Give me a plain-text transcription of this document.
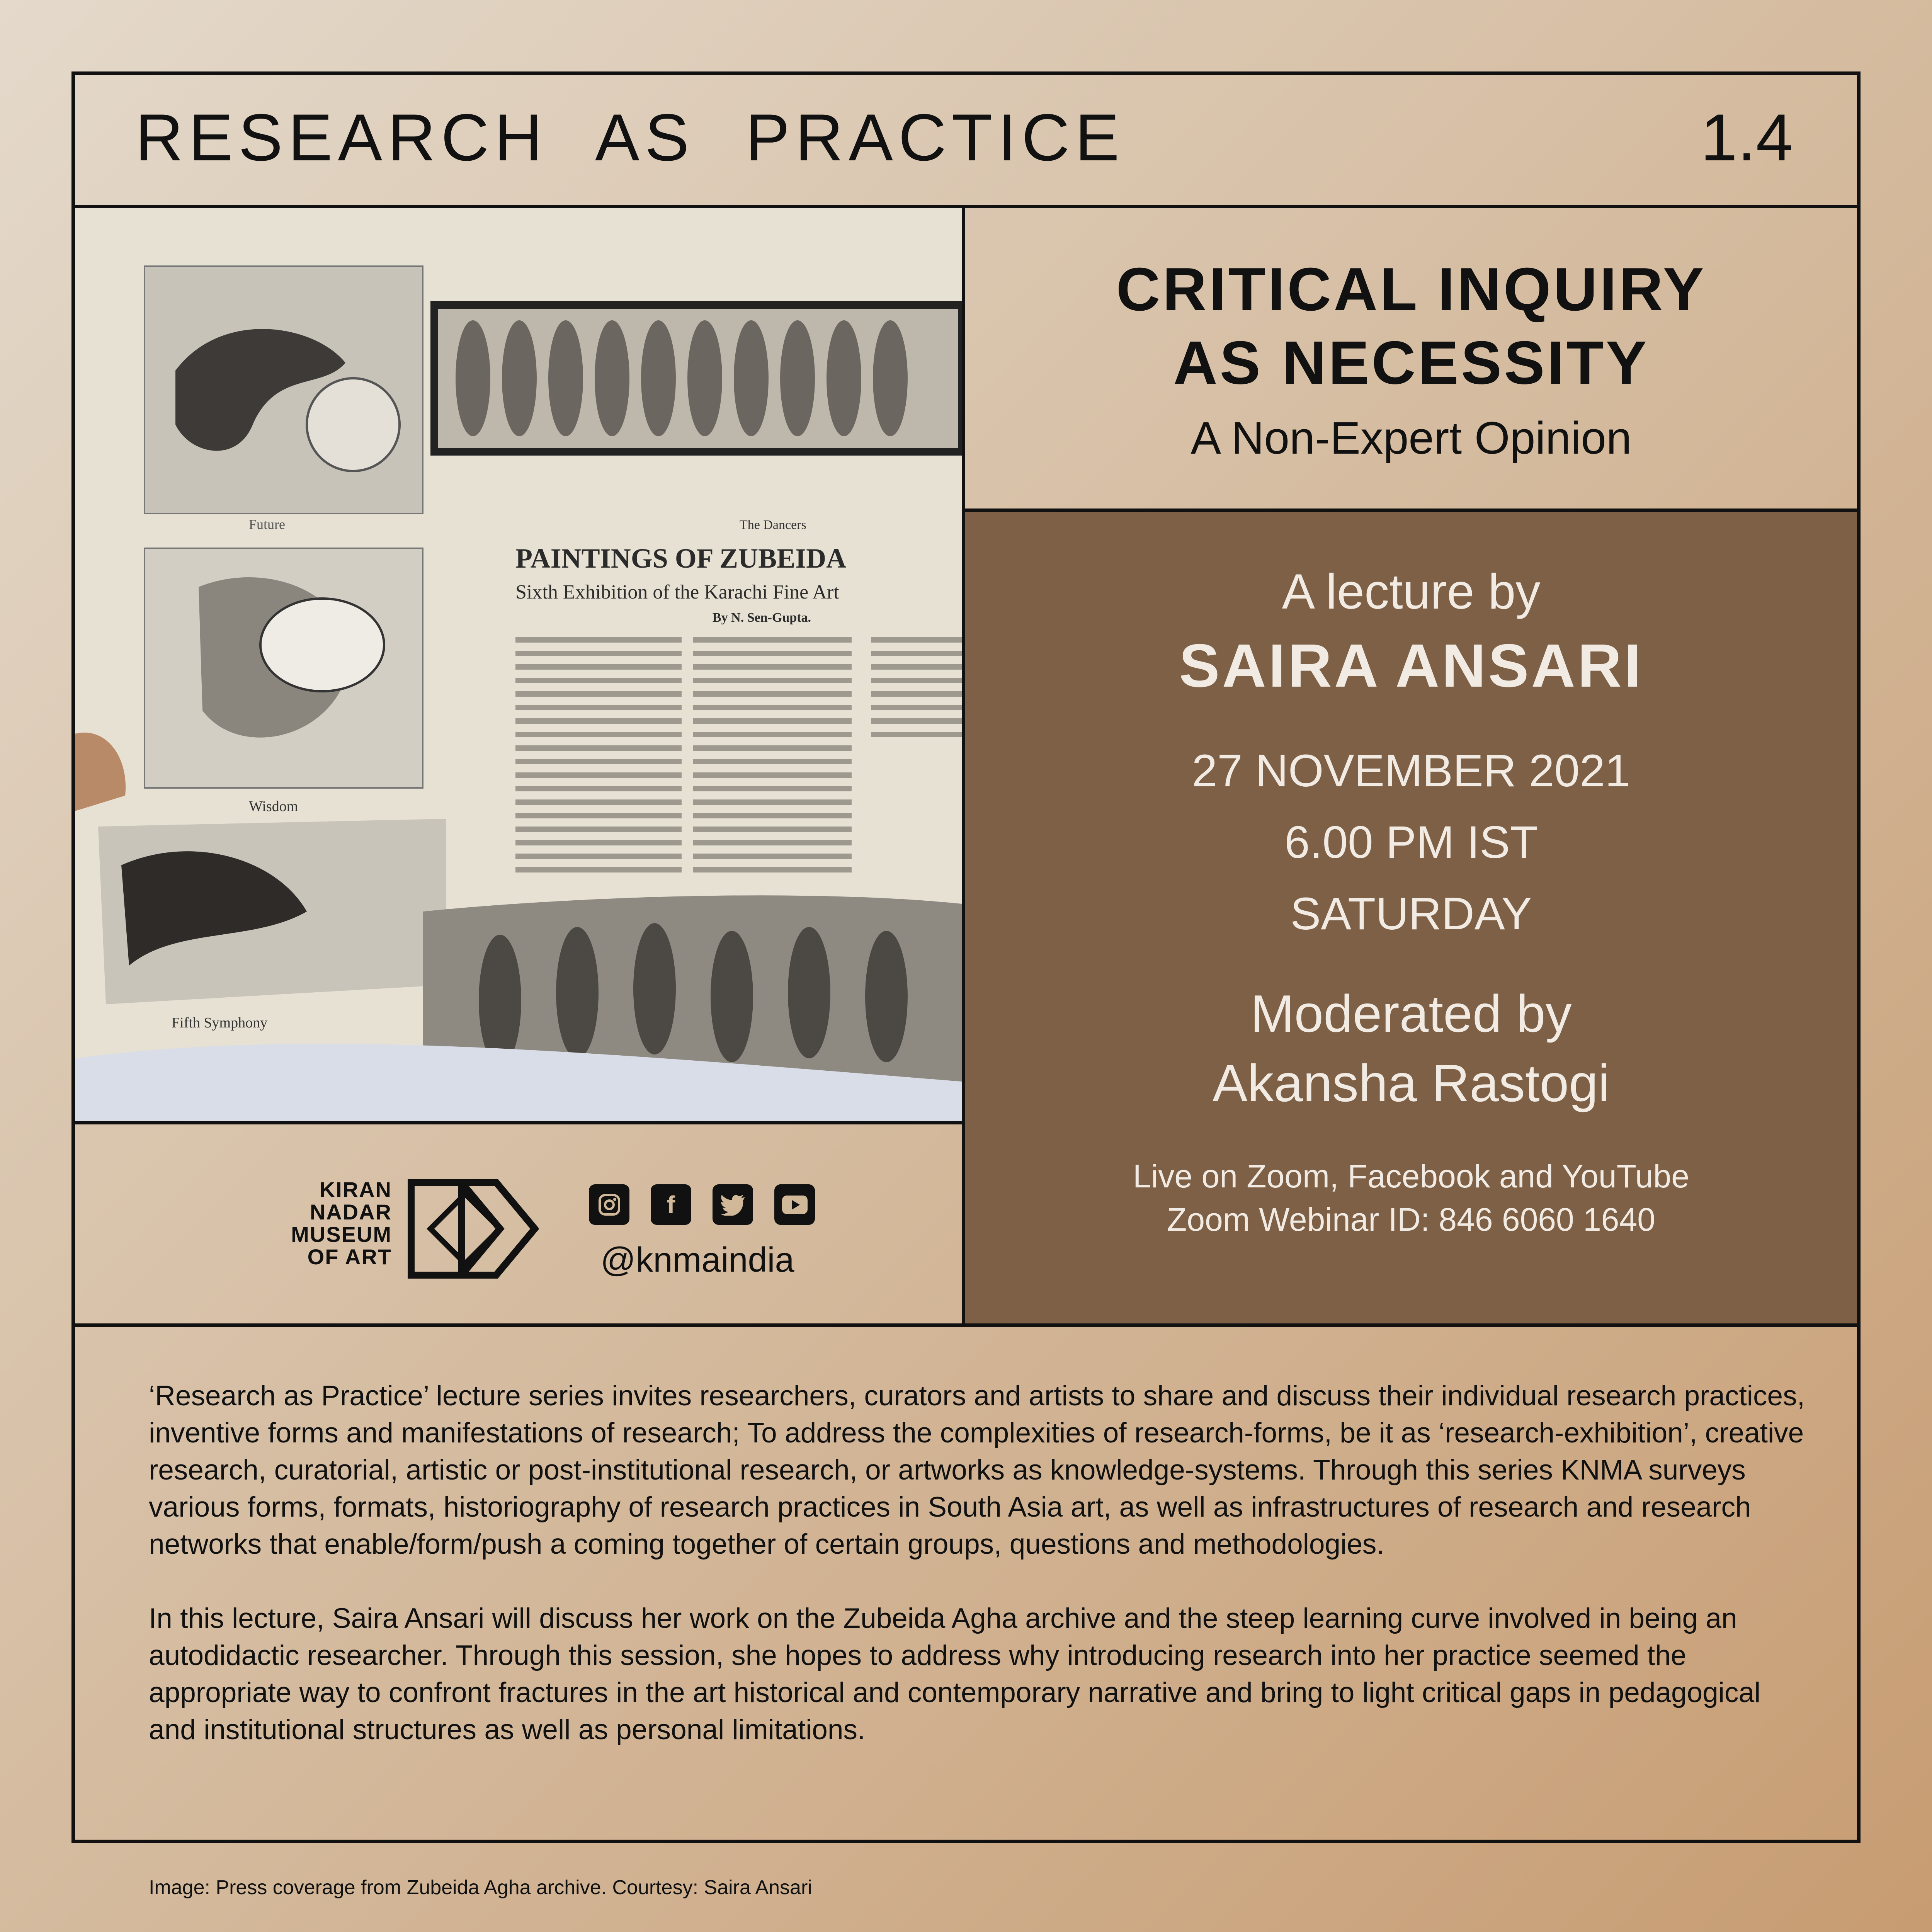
RESEARCH AS PRACTICE	1.4
Future	The Dancers
Wisdom
Fifth Symphony
PAINTINGS OF ZUBEIDA
Sixth Exhibition of the Karachi Fine Art
By N. Sen-Gupta.
CRITICAL INQUIRY
AS NECESSITY
A Non-Expert Opinion
A lecture by
SAIRA ANSARI
27 NOVEMBER 2021
6.00 PM IST
SATURDAY
Moderated by
Akansha Rastogi
Live on Zoom, Facebook and YouTube
Zoom Webinar ID: 846 6060 1640
KIRAN
NADAR
MUSEUM
OF ART
f
@knmaindia

‘Research as Practice’ lecture series invites researchers, curators and artists to share and discuss their individual research practices, inventive forms and manifestations of research; To address the complexities of research-forms, be it as ‘research-exhibition’, creative research, curatorial, artistic or post-institutional research, or artworks as knowledge-systems. Through this series KNMA surveys various forms, formats, historiography of research practices in South Asia art, as well as infrastructures of research and research networks that enable/form/push a coming together of certain groups, questions and methodologies.

In this lecture, Saira Ansari will discuss her work on the Zubeida Agha archive and the steep learning curve involved in being an autodidactic researcher. Through this session, she hopes to address why introducing research into her practice seemed the appropriate way to confront fractures in the art historical and contemporary narrative and bring to light critical gaps in pedagogical and institutional structures as well as personal limitations.

Image: Press coverage from Zubeida Agha archive. Courtesy: Saira Ansari
